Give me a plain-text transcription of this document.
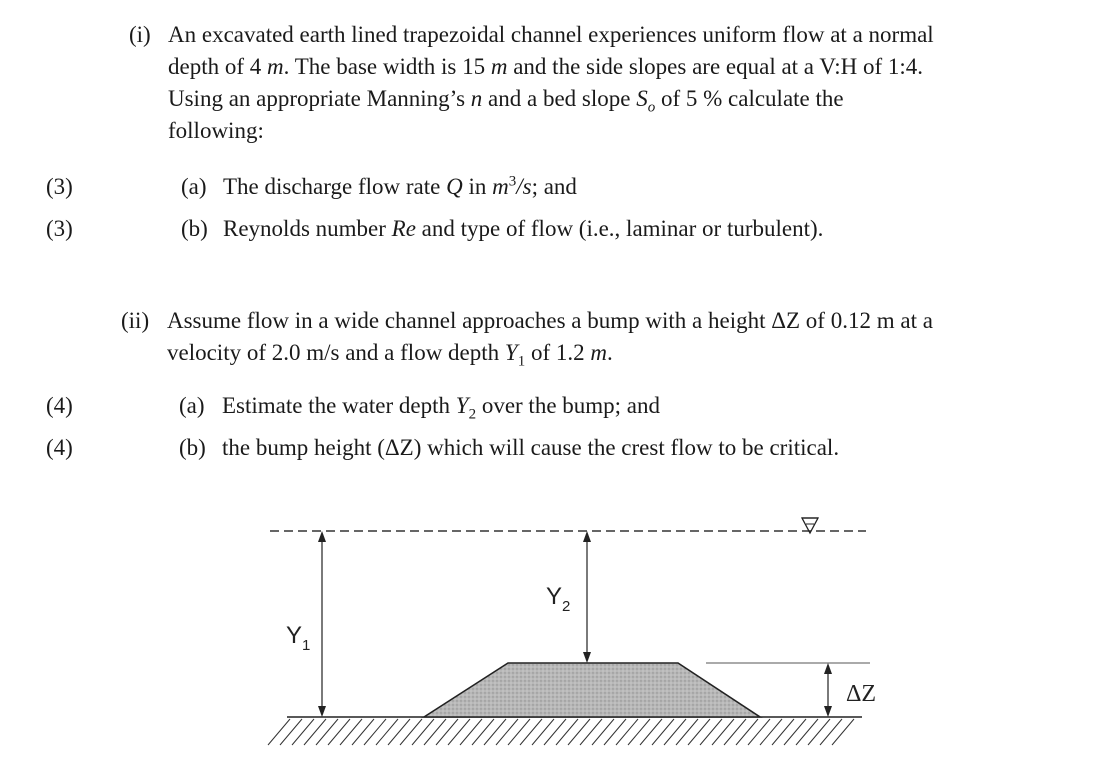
(i) An excavated earth lined trapezoidal channel experiences uniform flow at a normal
depth of 4 m. The base width is 15 m and the side slopes are equal at a V:H of 1:4.
Using an appropriate Manning’s n and a bed slope $S_o$ of 5 % calculate the
following:
(3)	(a) The discharge flow rate Q in $m^3/s$; and
(3)	(b) Reynolds number Re and type of flow (i.e., laminar or turbulent).
(ii) Assume flow in a wide channel approaches a bump with a height ΔZ of 0.12 m at a
velocity of 2.0 m/s and a flow depth $Y_1$ of 1.2 m.
(4)	(a) Estimate the water depth $Y_2$ over the bump; and
(4)	(b) the bump height (ΔZ) which will cause the crest flow to be critical.
$Y_1$
$Y_2$
ΔZ
